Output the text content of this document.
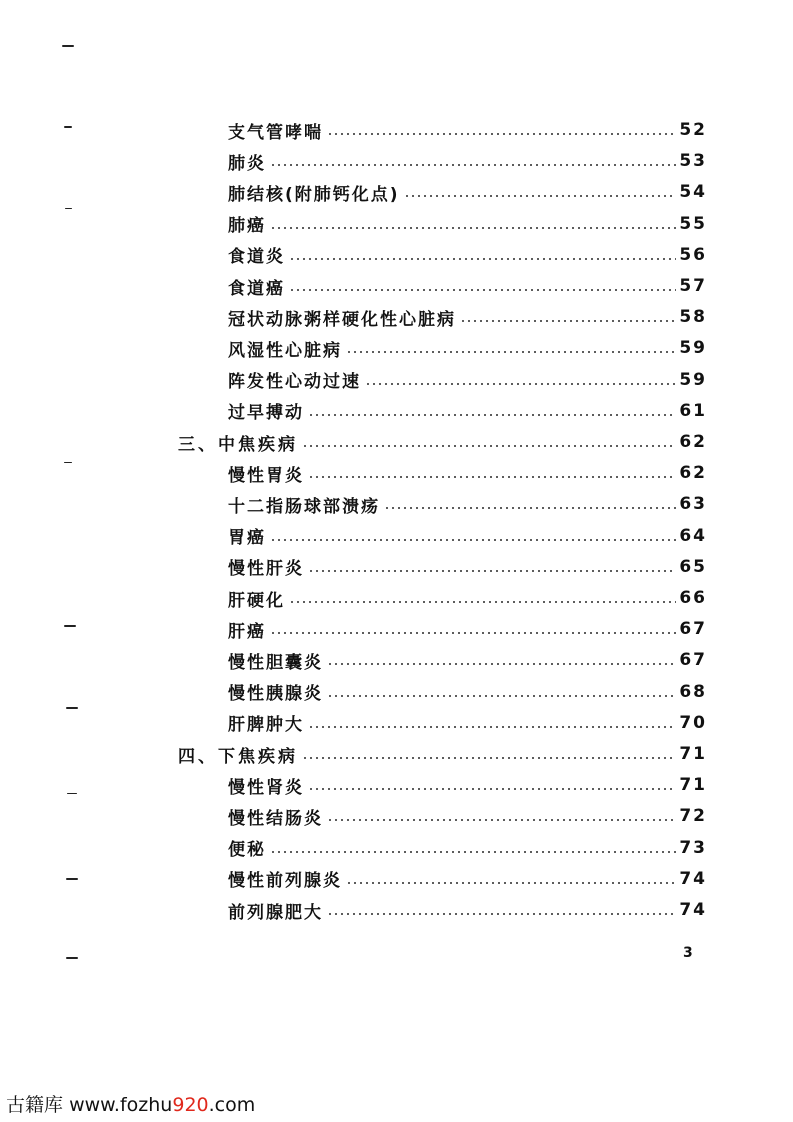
支气管哮喘	52
肺炎	53
肺结核(附肺钙化点)	54
肺癌	55
食道炎	56
食道癌	57
冠状动脉粥样硬化性心脏病	58
风湿性心脏病	59
阵发性心动过速	59
过早搏动	61
三、中焦疾病	62
慢性胃炎	62
十二指肠球部溃疡	63
胃癌	64
慢性肝炎	65
肝硬化	66
肝癌	67
慢性胆囊炎	67
慢性胰腺炎	68
肝脾肿大	70
四、下焦疾病	71
慢性肾炎	71
慢性结肠炎	72
便秘	73
慢性前列腺炎	74
前列腺肥大	74
3
古籍库 www.fozhu920.com
